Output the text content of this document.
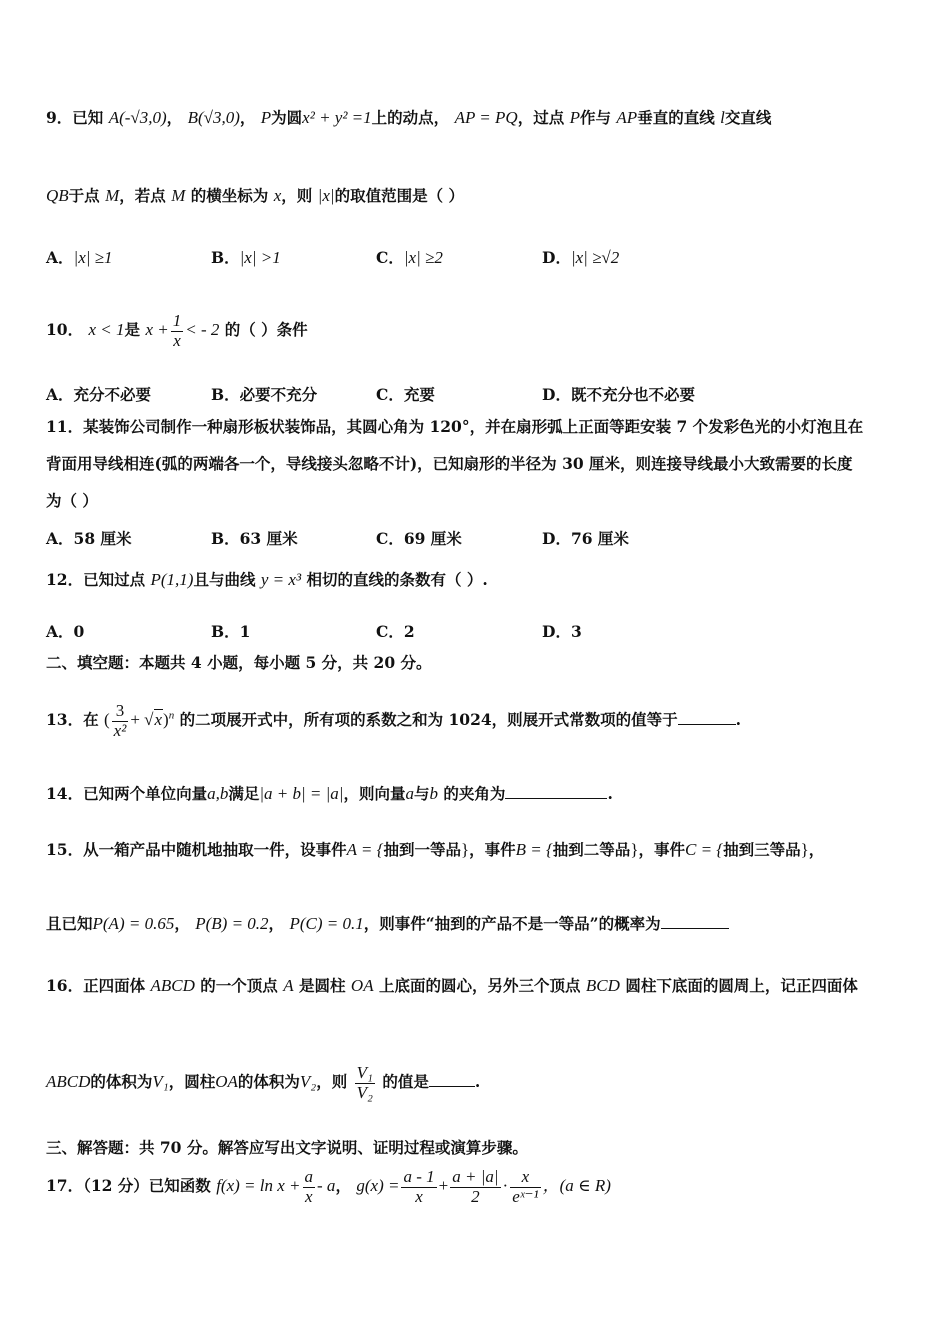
9．已知 A(-√3,0)， B(√3,0)， P为圆x² + y² =1上的动点， AP = PQ，过点 P作与 AP垂直的直线 l交直线
QB于点 M，若点 M 的横坐标为 x，则 |x|的取值范围是（ ）
A．|x| ≥1	B．|x| >1	C．|x| ≥2	D．|x| ≥√2
10． x < 1是 $x + \frac{1}{x}$ < - 2 的（ ）条件
A．充分不必要	B．必要不充分	C．充要	D．既不充分也不必要
11．某装饰公司制作一种扇形板状装饰品，其圆心角为 120°，并在扇形弧上正面等距安装 7 个发彩色光的小灯泡且在
背面用导线相连(弧的两端各一个，导线接头忽略不计)，已知扇形的半径为 30 厘米，则连接导线最小大致需要的长度
为（ ）
A．58 厘米	B．63 厘米	C．69 厘米	D．76 厘米
12．已知过点 P(1,1)且与曲线 y = x³ 相切的直线的条数有（ ）.
A．0	B．1	C．2	D．3
二、填空题：本题共 4 小题，每小题 5 分，共 20 分。
13．在 ( $\frac{3}{\text{x²}} + √x)^n$ 的二项展开式中，所有项的系数之和为 1024，则展开式常数项的值等于	.
14．已知两个单位向量a,b满足|a + b| = |a|，则向量a与b 的夹角为	.
15．从一箱产品中随机地抽取一件，设事件A = {抽到一等品}，事件B = {抽到二等品}，事件C = {抽到三等品}，
且已知P(A) = 0.65， P(B) = 0.2， P(C) = 0.1，则事件“抽到的产品不是一等品”的概率为
16．正四面体 ABCD 的一个顶点 A 是圆柱 OA 上底面的圆心，另外三个顶点 BCD 圆柱下底面的圆周上，记正四面体
ABCD的体积为V₁，圆柱OA的体积为V₂，则 $\frac{\text{V₁}}{\text{V₂}}$ 的值是	.
三、解答题：共 70 分。解答应写出文字说明、证明过程或演算步骤。
17．（12 分）已知函数 $f(x) = \ln x + \frac{a}{x} - a$， $g(x) = \frac{a - 1}{x} + \frac{a + |a|}{2} \cdot \frac{x}{\text{eˣ⁻¹}}$ ，(a ∈ R)
